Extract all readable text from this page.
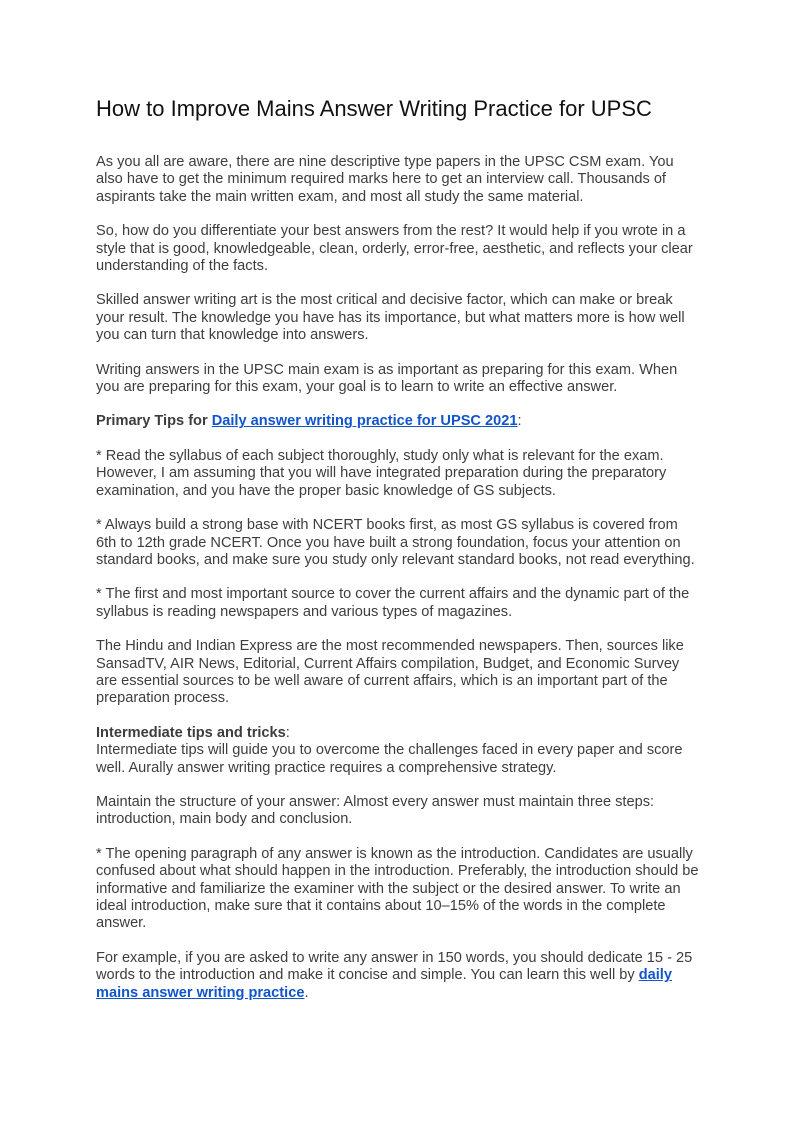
How to Improve Mains Answer Writing Practice for UPSC

As you all are aware, there are nine descriptive type papers in the UPSC CSM exam. You also have to get the minimum required marks here to get an interview call. Thousands of aspirants take the main written exam, and most all study the same material.

So, how do you differentiate your best answers from the rest? It would help if you wrote in a style that is good, knowledgeable, clean, orderly, error-free, aesthetic, and reflects your clear understanding of the facts.

Skilled answer writing art is the most critical and decisive factor, which can make or break your result. The knowledge you have has its importance, but what matters more is how well you can turn that knowledge into answers.

Writing answers in the UPSC main exam is as important as preparing for this exam. When you are preparing for this exam, your goal is to learn to write an effective answer.

Primary Tips for Daily answer writing practice for UPSC 2021:

* Read the syllabus of each subject thoroughly, study only what is relevant for the exam. However, I am assuming that you will have integrated preparation during the preparatory examination, and you have the proper basic knowledge of GS subjects.

* Always build a strong base with NCERT books first, as most GS syllabus is covered from 6th to 12th grade NCERT. Once you have built a strong foundation, focus your attention on standard books, and make sure you study only relevant standard books, not read everything.

* The first and most important source to cover the current affairs and the dynamic part of the syllabus is reading newspapers and various types of magazines.

The Hindu and Indian Express are the most recommended newspapers. Then, sources like SansadTV, AIR News, Editorial, Current Affairs compilation, Budget, and Economic Survey are essential sources to be well aware of current affairs, which is an important part of the preparation process.

Intermediate tips and tricks:

Intermediate tips will guide you to overcome the challenges faced in every paper and score well. Aurally answer writing practice requires a comprehensive strategy.

Maintain the structure of your answer: Almost every answer must maintain three steps: introduction, main body and conclusion.

* The opening paragraph of any answer is known as the introduction. Candidates are usually confused about what should happen in the introduction. Preferably, the introduction should be informative and familiarize the examiner with the subject or the desired answer. To write an ideal introduction, make sure that it contains about 10–15% of the words in the complete answer.

For example, if you are asked to write any answer in 150 words, you should dedicate 15 - 25 words to the introduction and make it concise and simple. You can learn this well by daily mains answer writing practice.
